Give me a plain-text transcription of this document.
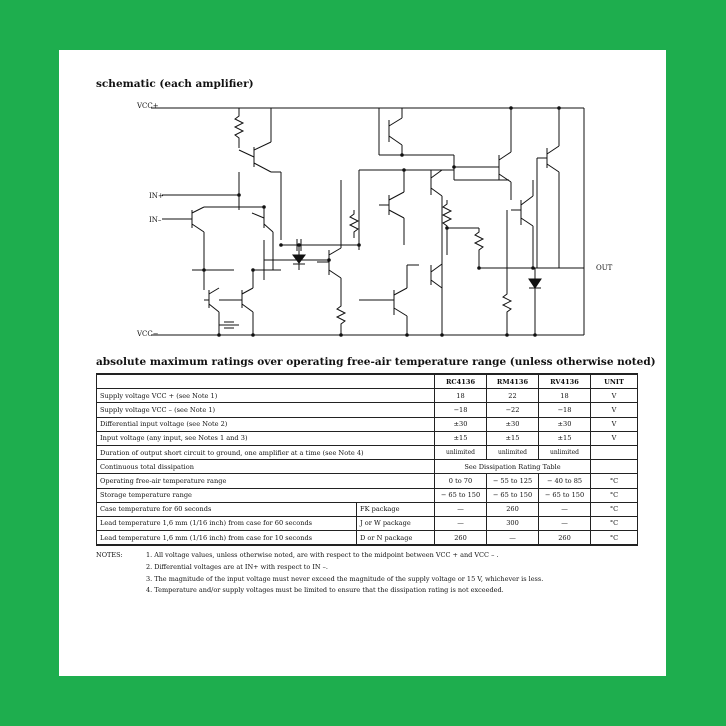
schematic (each amplifier)
VCC+
VCC−
IN+
IN–
OUT
absolute maximum ratings over operating free-air temperature range (unless otherwise noted)
		RC4136	RM4136	RV4136	UNIT
Supply voltage VCC + (see Note 1)		18	22	18	V
Supply voltage VCC – (see Note 1)		−18	−22	−18	V
Differential input voltage (see Note 2)		±30	±30	±30	V
Input voltage (any input, see Notes 1 and 3)		±15	±15	±15	V
Duration of output short circuit to ground, one amplifier at a time (see Note 4)		unlimited	unlimited	unlimited	
Continuous total dissipation		See Dissipation Rating Table			
Operating free-air temperature range		0 to 70	− 55 to 125	− 40 to 85	°C
Storage temperature range		− 65 to 150	− 65 to 150	− 65 to 150	°C
Case temperature for 60 seconds	FK package	—	260	—	°C
Lead temperature 1,6 mm (1/16 inch) from case for 60 seconds	J or W package	—	300	—	°C
Lead temperature 1,6 mm (1/16 inch) from case for 10 seconds	D or N package	260	—	260	°C
NOTES:	1. All voltage values, unless otherwise noted, are with respect to the midpoint between VCC + and VCC – .
2. Differential voltages are at IN+ with respect to IN –.
3. The magnitude of the input voltage must never exceed the magnitude of the supply voltage or 15 V, whichever is less.
4. Temperature and/or supply voltages must be limited to ensure that the dissipation rating is not exceeded.
